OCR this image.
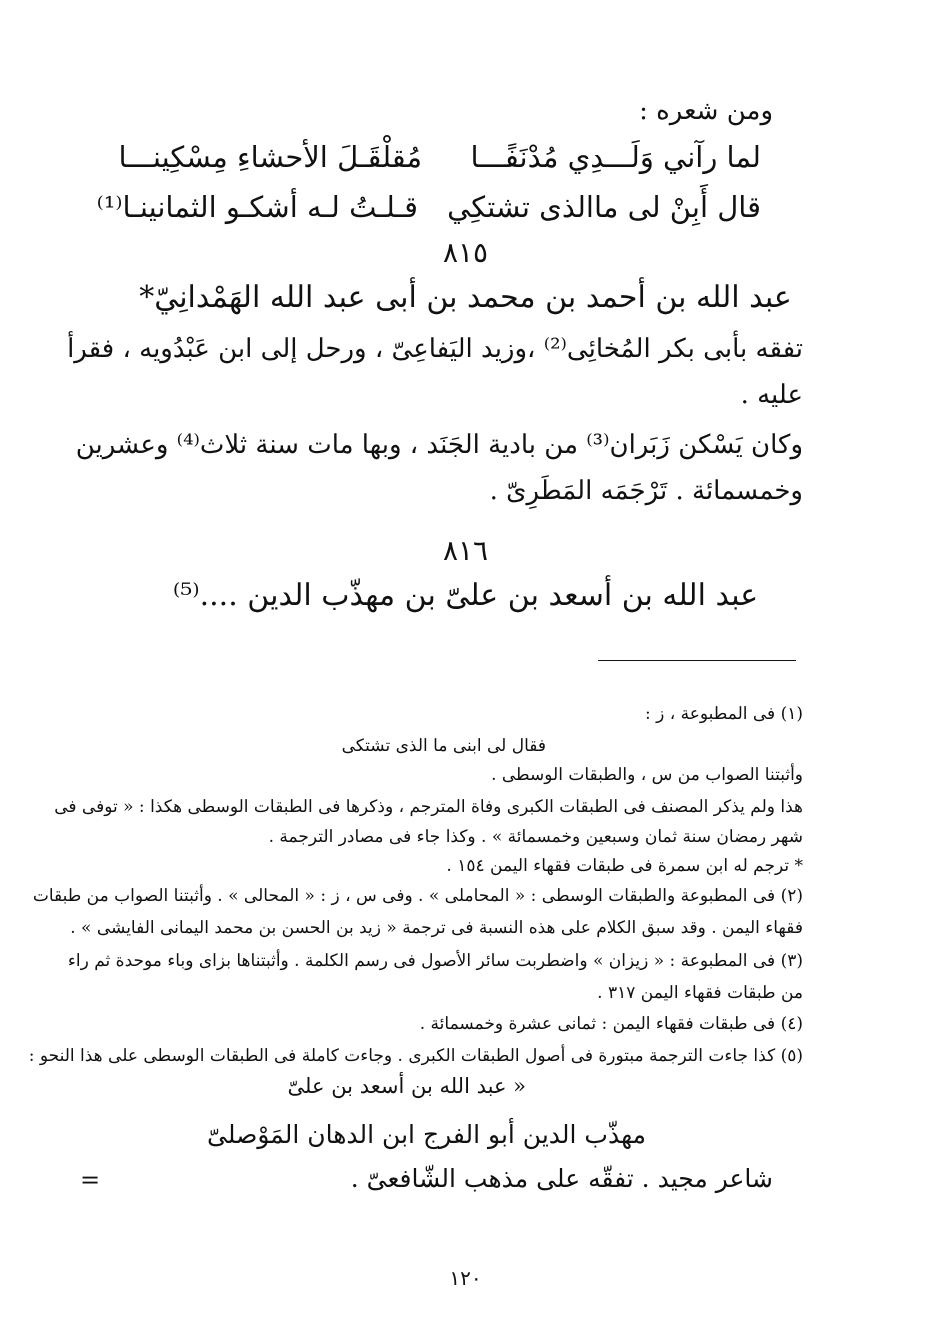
ومن شعره :
لما رآني وَلَـــدِي مُدْنَفًـــا
مُقلْقَـلَ الأحشاءِ مِسْكِينـــا
قال أَبِنْ لى ماالذى تشتكِي
قـلـتُ لـه أشكـو الثمانينـا⁽¹⁾
٨١٥
عبد الله بن أحمد بن محمد بن أبى عبد الله الهَمْدانِيّ*
تفقه بأبى بكر المُخائِى⁽²⁾ ،وزيد اليَفاعِىّ ، ورحل إلى ابن عَبْدُويه ، فقرأ
عليه .
وكان يَسْكن زَبَران⁽³⁾ من بادية الجَنَد ، وبها مات سنة ثلاث⁽⁴⁾ وعشرين
وخمسمائة . تَرْجَمَه المَطَرِىّ .
٨١٦
عبد الله بن أسعد بن علىّ بن مهذّب الدين ....⁽⁵⁾
(١) فى المطبوعة ، ز :
فقال لى ابنى ما الذى تشتكى
وأثبتنا الصواب من س ، والطبقات الوسطى .
هذا ولم يذكر المصنف فى الطبقات الكبرى وفاة المترجم ، وذكرها فى الطبقات الوسطى هكذا : « توفى فى
شهر رمضان سنة ثمان وسبعين وخمسمائة » . وكذا جاء فى مصادر الترجمة .
* ترجم له ابن سمرة فى طبقات فقهاء اليمن ١٥٤ .
(٢) فى المطبوعة والطبقات الوسطى : « المحاملى » . وفى س ، ز : « المحالى » . وأثبتنا الصواب من طبقات
فقهاء اليمن . وقد سبق الكلام على هذه النسبة فى ترجمة « زيد بن الحسن بن محمد اليمانى الفايشى » .
(٣) فى المطبوعة : « زيزان » واضطربت سائر الأصول فى رسم الكلمة . وأثبتناها بزاى وباء موحدة ثم راء
من طبقات فقهاء اليمن ٣١٧ .
(٤) فى طبقات فقهاء اليمن : ثمانى عشرة وخمسمائة .
(٥) كذا جاءت الترجمة مبتورة فى أصول الطبقات الكبرى . وجاءت كاملة فى الطبقات الوسطى على هذا النحو :
« عبد الله بن أسعد بن علىّ
مهذّب الدين أبو الفرج ابن الدهان المَوْصلىّ
شاعر مجيد . تفقّه على مذهب الشّافعىّ .
=
١٢٠
